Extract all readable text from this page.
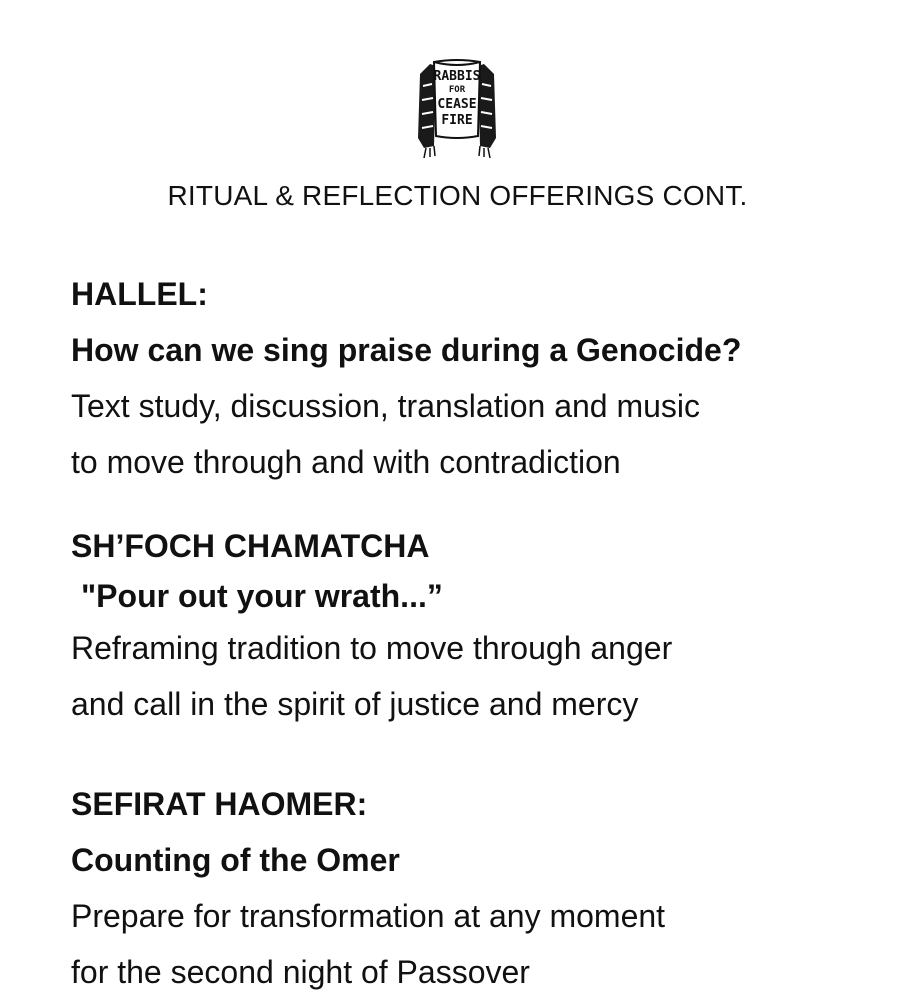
RABBIS
FOR
CEASE
FIRE
RITUAL & REFLECTION OFFERINGS CONT.
HALLEL:
How can we sing praise during a Genocide?
Text study, discussion, translation and music
to move through and with contradiction
SH’FOCH CHAMATCHA
"Pour out your wrath...”
Reframing tradition to move through anger
and call in the spirit of justice and mercy
SEFIRAT HAOMER:
Counting of the Omer
Prepare for transformation at any moment
for the second night of Passover
